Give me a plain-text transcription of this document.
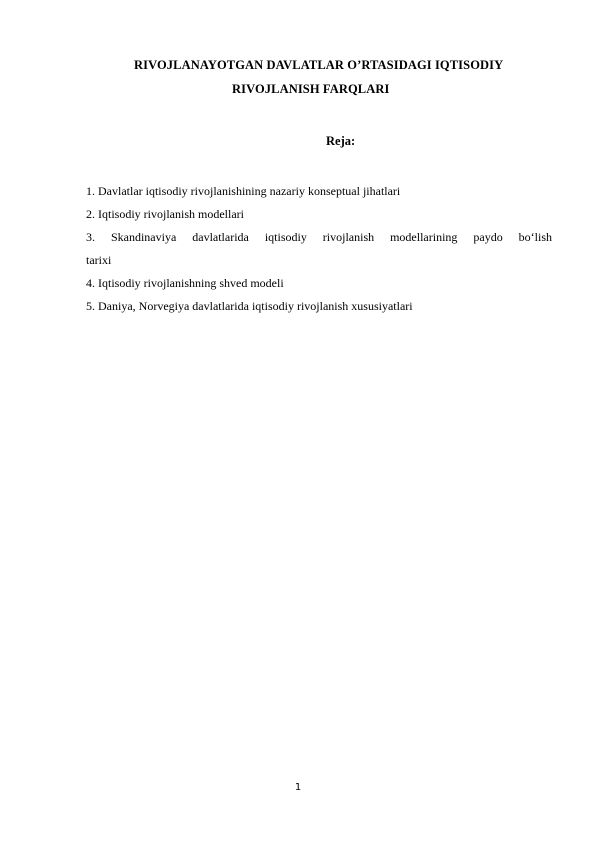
RIVOJLANAYOTGAN DAVLATLAR O’RTASIDAGI IQTISODIY
RIVOJLANISH FARQLARI
Reja:

1. Davlatlar iqtisodiy rivojlanishining nazariy konseptual jihatlari

2. Iqtisodiy rivojlanish modellari

3. Skandinaviya davlatlarida iqtisodiy rivojlanish modellarining paydo bo‘lish

tarixi

4. Iqtisodiy rivojlanishning shved modeli

5. Daniya, Norvegiya davlatlarida iqtisodiy rivojlanish xususiyatlari

1
